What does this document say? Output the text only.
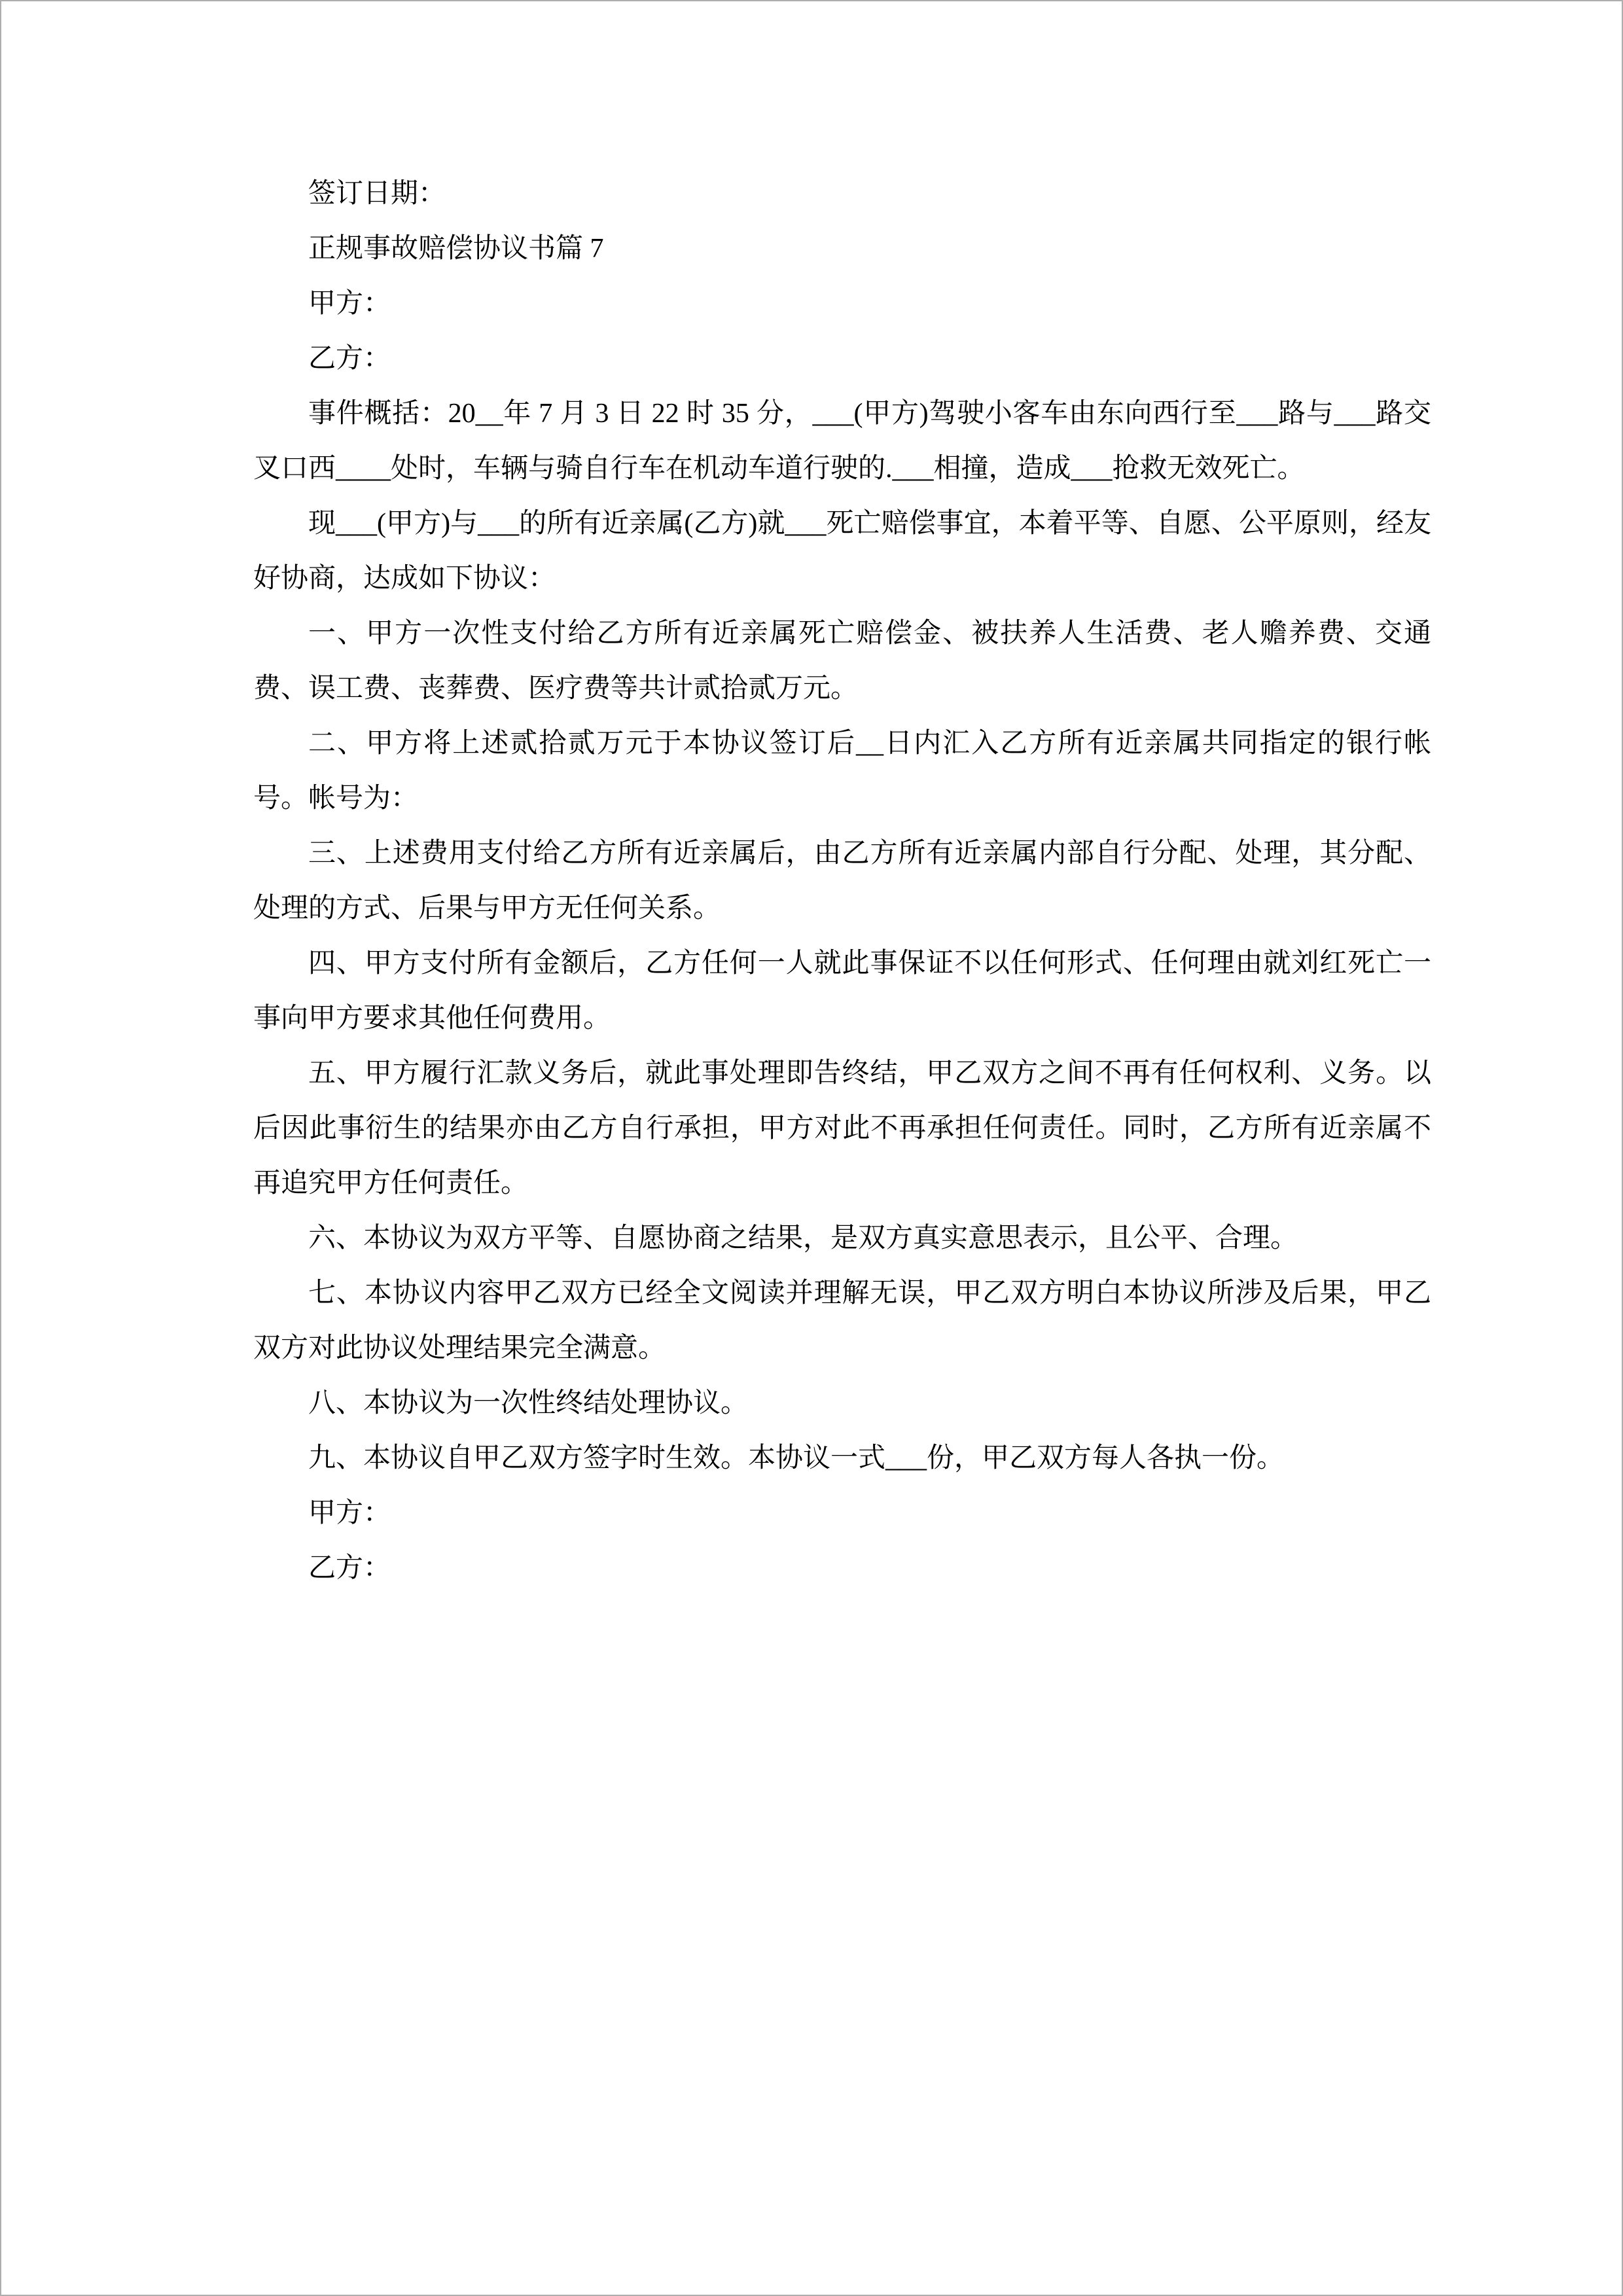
签订日期：

正规事故赔偿协议书篇 7

甲方：

乙方：

事件概括：20__年 7 月 3 日 22 时 35 分，___(甲方)驾驶小客车由东向西行至___路与___路交叉口西____处时，车辆与骑自行车在机动车道行驶的.___相撞，造成___抢救无效死亡。

现___(甲方)与___的所有近亲属(乙方)就___死亡赔偿事宜，本着平等、自愿、公平原则，经友好协商，达成如下协议：

一、甲方一次性支付给乙方所有近亲属死亡赔偿金、被扶养人生活费、老人赡养费、交通费、误工费、丧葬费、医疗费等共计贰拾贰万元。

二、甲方将上述贰拾贰万元于本协议签订后__日内汇入乙方所有近亲属共同指定的银行帐号。帐号为：

三、上述费用支付给乙方所有近亲属后，由乙方所有近亲属内部自行分配、处理，其分配、处理的方式、后果与甲方无任何关系。

四、甲方支付所有金额后，乙方任何一人就此事保证不以任何形式、任何理由就刘红死亡一事向甲方要求其他任何费用。

五、甲方履行汇款义务后，就此事处理即告终结，甲乙双方之间不再有任何权利、义务。以后因此事衍生的结果亦由乙方自行承担，甲方对此不再承担任何责任。同时，乙方所有近亲属不再追究甲方任何责任。

六、本协议为双方平等、自愿协商之结果，是双方真实意思表示，且公平、合理。

七、本协议内容甲乙双方已经全文阅读并理解无误，甲乙双方明白本协议所涉及后果，甲乙双方对此协议处理结果完全满意。

八、本协议为一次性终结处理协议。

九、本协议自甲乙双方签字时生效。本协议一式___份，甲乙双方每人各执一份。

甲方：

乙方：
